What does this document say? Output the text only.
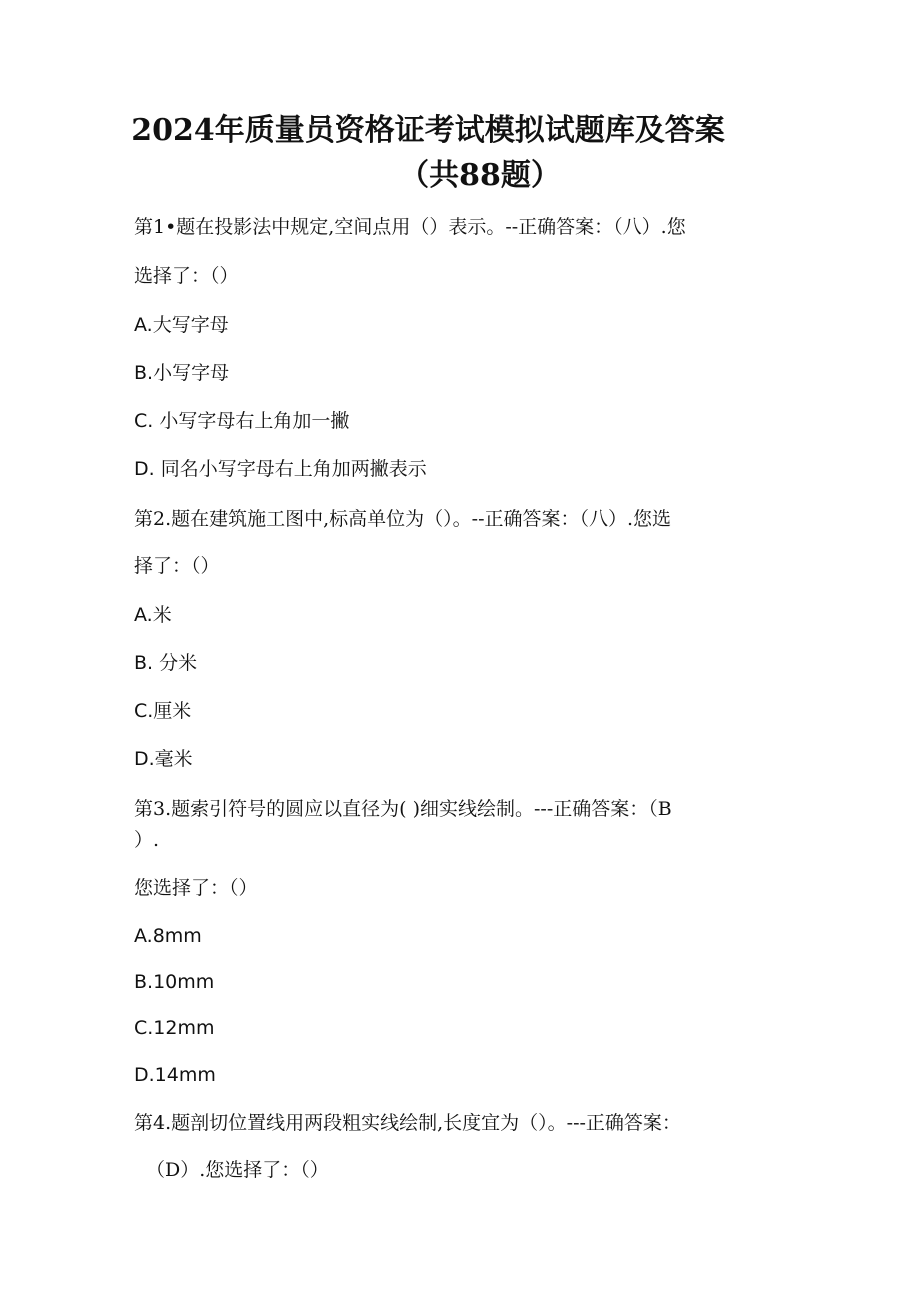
2024年质量员资格证考试模拟试题库及答案
（共88题）

第1•题在投影法中规定,空间点用（）表示。--正确答案：（八）.您

选择了：（）

A.大写字母

B.小写字母

C. 小写字母右上角加一撇

D. 同名小写字母右上角加两撇表示

第2.题在建筑施工图中,标高单位为（）。--正确答案：（八）.您选

择了：（）

A.米

B. 分米

C.厘米

D.毫米

第3.题索引符号的圆应以直径为( )细实线绘制。---正确答案：（B

）.

您选择了：（）

A.8mm

B.10mm

C.12mm

D.14mm

第4.题剖切位置线用两段粗实线绘制,长度宜为（）。---正确答案：

（D）.您选择了：（）
